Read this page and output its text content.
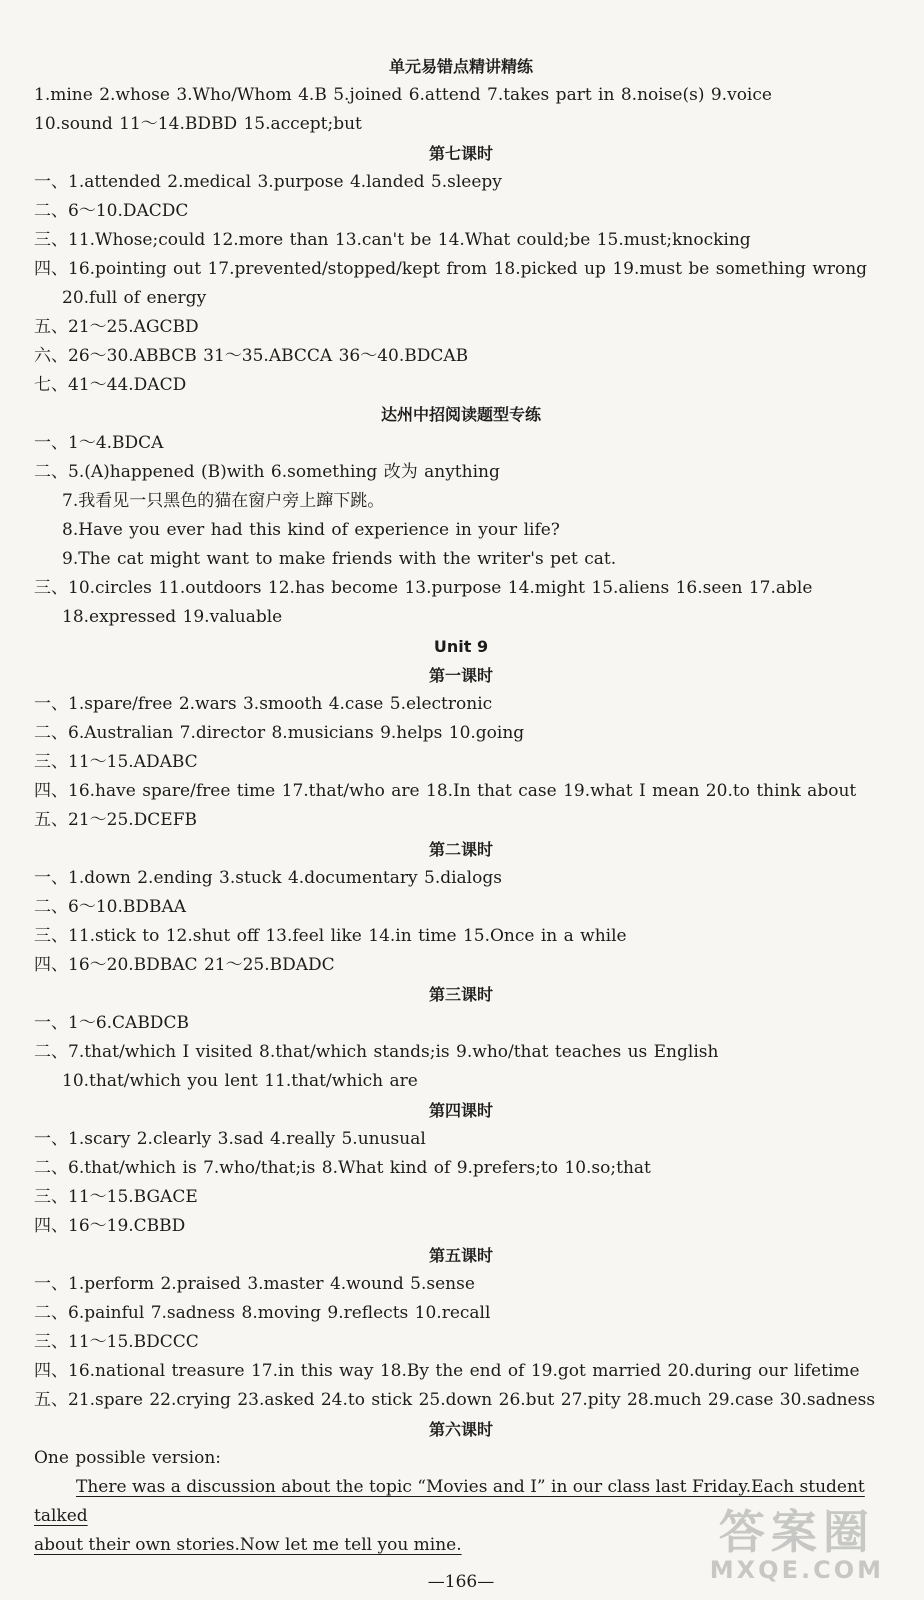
单元易错点精讲精练
1.mine 2.whose 3.Who/Whom 4.B 5.joined 6.attend 7.takes part in 8.noise(s) 9.voice
10.sound 11～14.BDBD 15.accept;but
第七课时
一、1.attended 2.medical 3.purpose 4.landed 5.sleepy
二、6～10.DACDC
三、11.Whose;could 12.more than 13.can't be 14.What could;be 15.must;knocking
四、16.pointing out 17.prevented/stopped/kept from 18.picked up 19.must be something wrong
20.full of energy
五、21～25.AGCBD
六、26～30.ABBCB 31～35.ABCCA 36～40.BDCAB
七、41～44.DACD
达州中招阅读题型专练
一、1～4.BDCA
二、5.(A)happened (B)with 6.something 改为 anything
7.我看见一只黑色的猫在窗户旁上蹿下跳。
8.Have you ever had this kind of experience in your life?
9.The cat might want to make friends with the writer's pet cat.
三、10.circles 11.outdoors 12.has become 13.purpose 14.might 15.aliens 16.seen 17.able
18.expressed 19.valuable
Unit 9
第一课时
一、1.spare/free 2.wars 3.smooth 4.case 5.electronic
二、6.Australian 7.director 8.musicians 9.helps 10.going
三、11～15.ADABC
四、16.have spare/free time 17.that/who are 18.In that case 19.what I mean 20.to think about
五、21～25.DCEFB
第二课时
一、1.down 2.ending 3.stuck 4.documentary 5.dialogs
二、6～10.BDBAA
三、11.stick to 12.shut off 13.feel like 14.in time 15.Once in a while
四、16～20.BDBAC 21～25.BDADC
第三课时
一、1～6.CABDCB
二、7.that/which I visited 8.that/which stands;is 9.who/that teaches us English
10.that/which you lent 11.that/which are
第四课时
一、1.scary 2.clearly 3.sad 4.really 5.unusual
二、6.that/which is 7.who/that;is 8.What kind of 9.prefers;to 10.so;that
三、11～15.BGACE
四、16～19.CBBD
第五课时
一、1.perform 2.praised 3.master 4.wound 5.sense
二、6.painful 7.sadness 8.moving 9.reflects 10.recall
三、11～15.BDCCC
四、16.national treasure 17.in this way 18.By the end of 19.got married 20.during our lifetime
五、21.spare 22.crying 23.asked 24.to stick 25.down 26.but 27.pity 28.much 29.case 30.sadness
第六课时
One possible version:
There was a discussion about the topic “Movies and I” in our class last Friday.Each student talked
about their own stories.Now let me tell you mine.
—166—
答案圈
MXQE.COM
